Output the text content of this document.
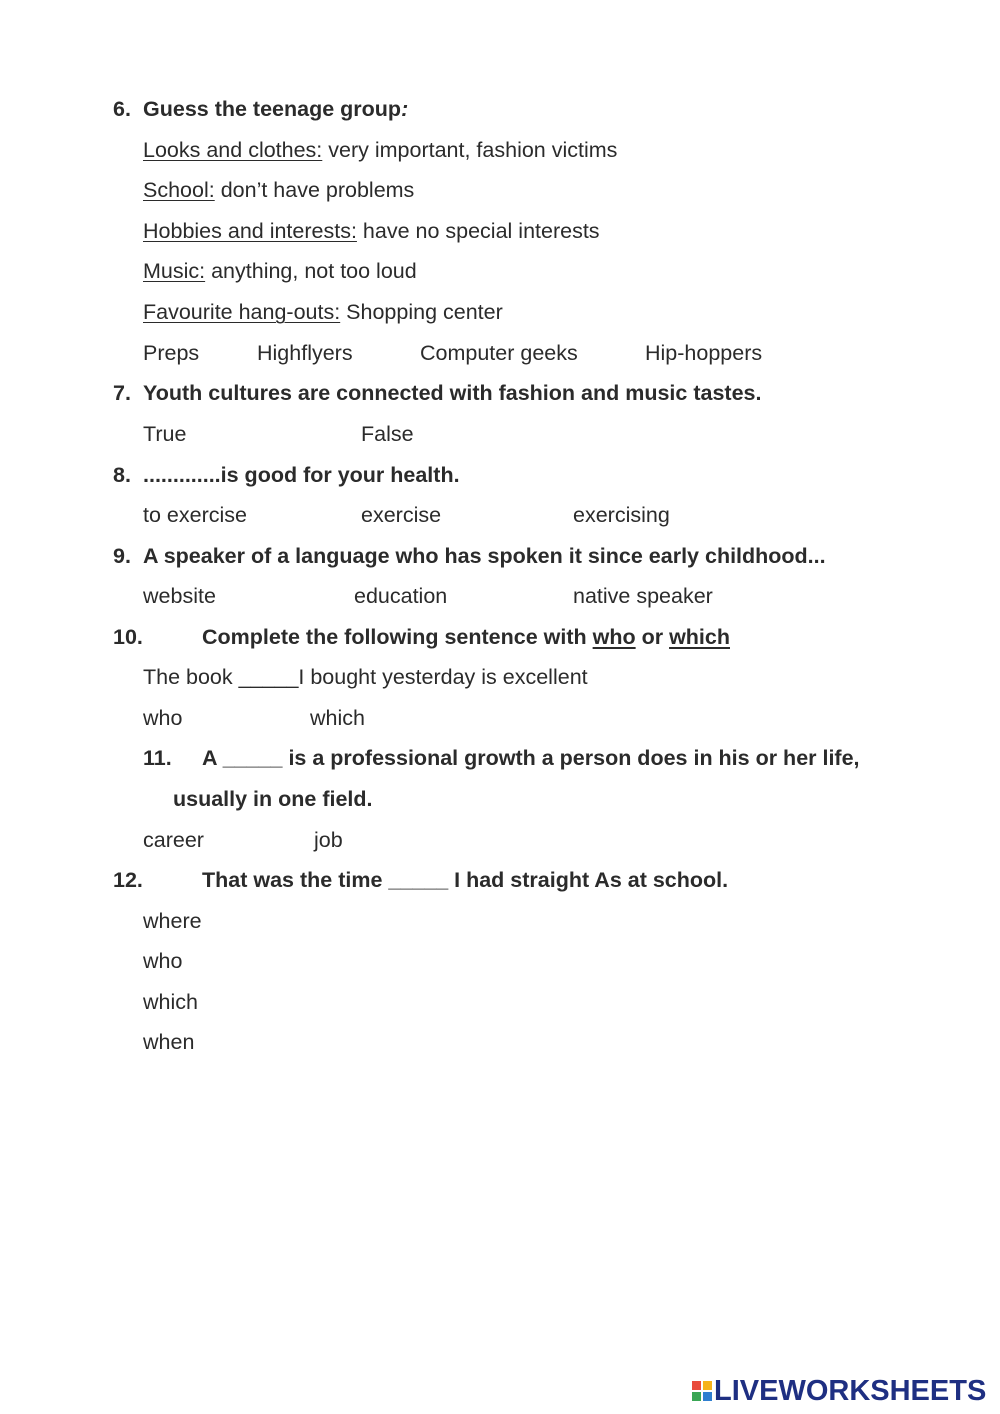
6. Guess the teenage group:
Looks and clothes: very important, fashion victims
School: don’t have problems
Hobbies and interests: have no special interests
Music: anything, not too loud
Favourite hang-outs: Shopping center
Preps	Highflyers	Computer geeks	Hip-hoppers
7. Youth cultures are connected with fashion and music tastes.
True	False
8. .............is good for your health.
to exercise	exercise	exercising
9. A speaker of a language who has spoken it since early childhood...
website	education	native speaker
10.	Complete the following sentence with who or which
The book _____I bought yesterday is excellent
who	which
11. A _____ is a professional growth a person does in his or her life,
usually in one field.
career	job
12.	That was the time _____ I had straight As at school.
where
who
which
when
LIVEWORKSHEETS
